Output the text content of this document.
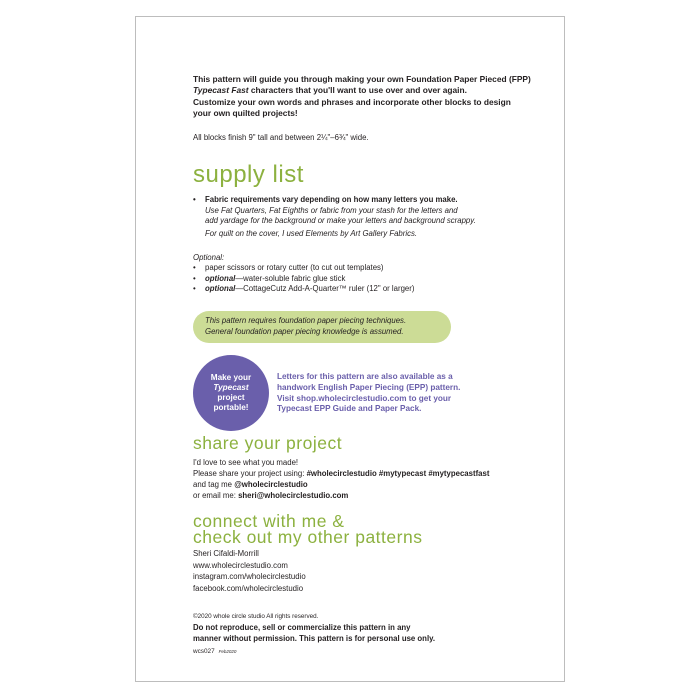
This pattern will guide you through making your own Foundation Paper Pieced (FPP)
Typecast Fast characters that you'll want to use over and over again.
Customize your own words and phrases and incorporate other blocks to design
your own quilted projects!
All blocks finish 9" tall and between 2¼"–6¾" wide.
supply list
• Fabric requirements vary depending on how many letters you make.
Use Fat Quarters, Fat Eighths or fabric from your stash for the letters and
add yardage for the background or make your letters and background scrappy.
For quilt on the cover, I used Elements by Art Gallery Fabrics.
Optional:
• paper scissors or rotary cutter (to cut out templates)
• optional—water-soluble fabric glue stick
• optional—CottageCutz Add-A-Quarter™ ruler (12" or larger)
This pattern requires foundation paper piecing techniques.
General foundation paper piecing knowledge is assumed.
Make your
Typecast
project
portable!
Letters for this pattern are also available as a
handwork English Paper Piecing (EPP) pattern.
Visit shop.wholecirclestudio.com to get your
Typecast EPP Guide and Paper Pack.
share your project
I'd love to see what you made!
Please share your project using: #wholecirclestudio #mytypecast #mytypecastfast
and tag me @wholecirclestudio
or email me: sheri@wholecirclestudio.com
connect with me &
check out my other patterns
Sheri Cifaldi-Morrill
www.wholecirclestudio.com
instagram.com/wholecirclestudio
facebook.com/wholecirclestudio
©2020 whole circle studio All rights reserved.
Do not reproduce, sell or commercialize this pattern in any
manner without permission. This pattern is for personal use only.
wcs027 Feb2020
